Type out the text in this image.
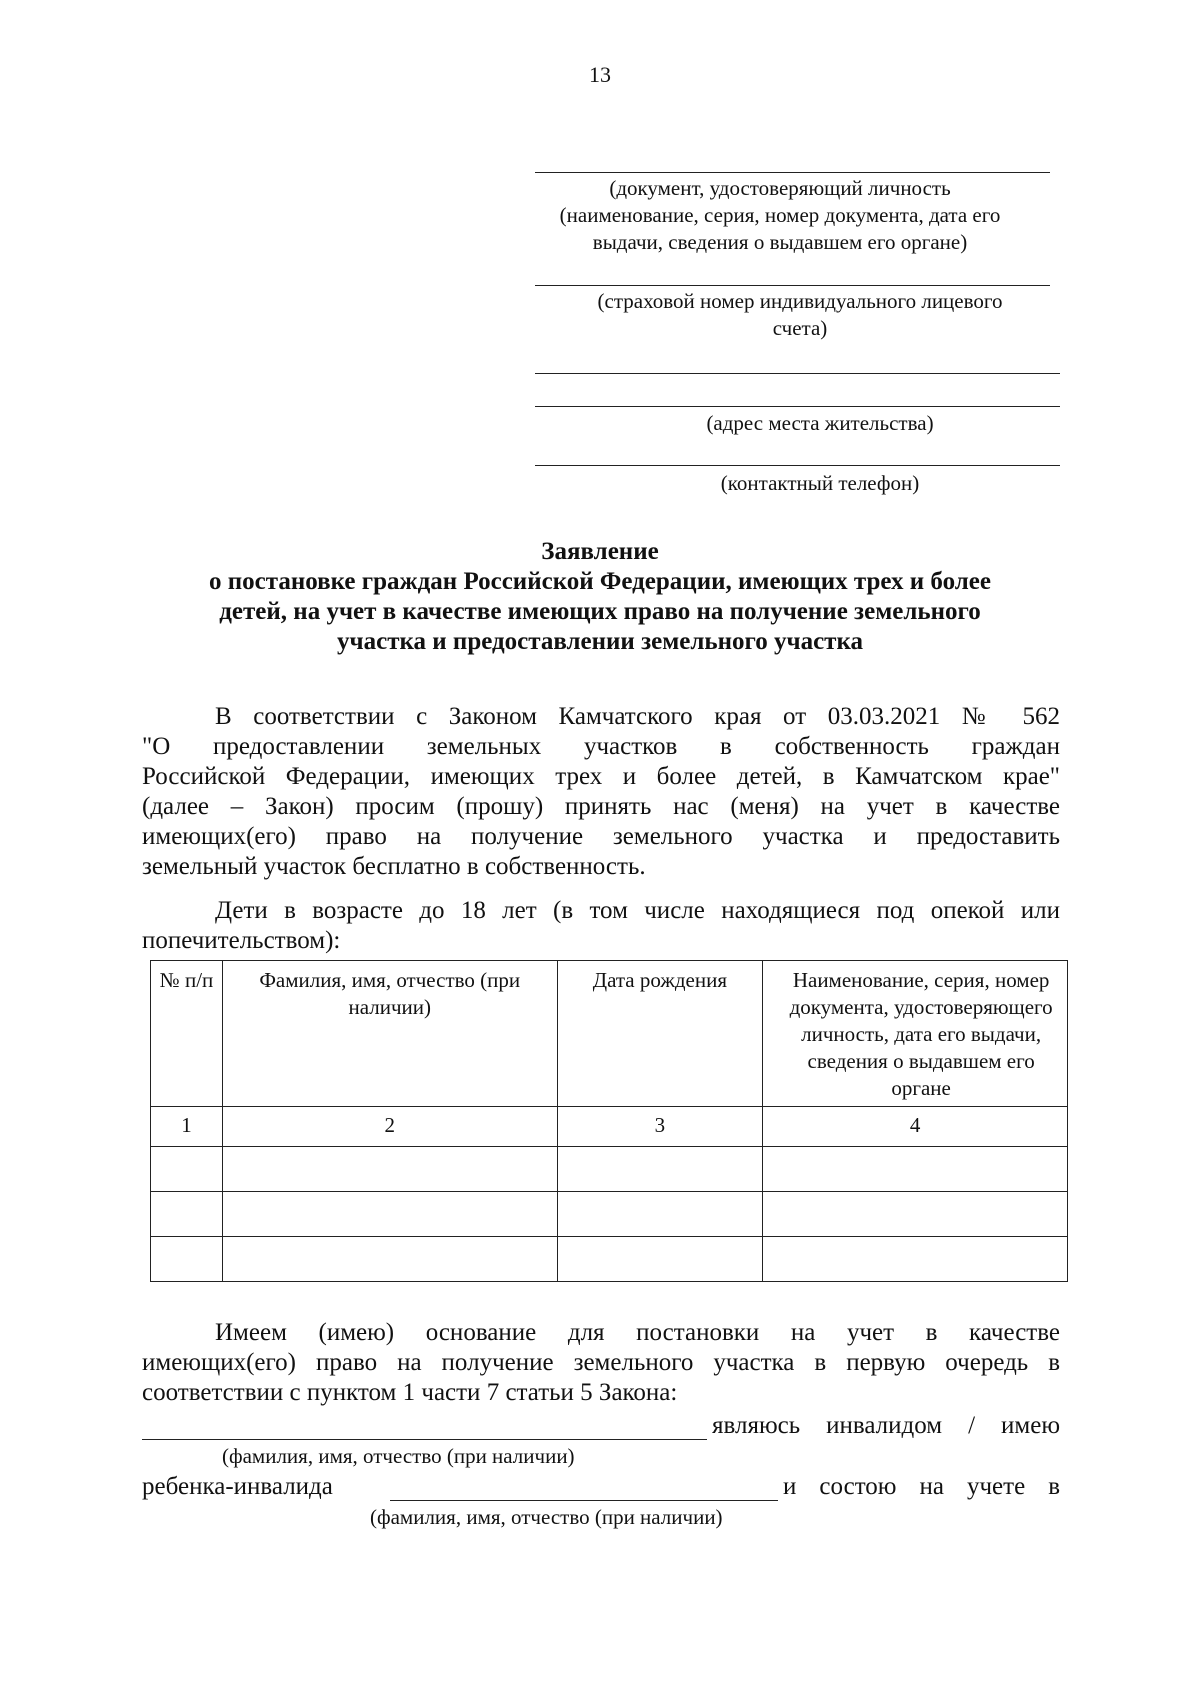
13
(документ, удостоверяющий личность
(наименование, серия, номер документа, дата его
выдачи, сведения о выдавшем его органе)
(страховой номер индивидуального лицевого
счета)
(адрес места жительства)
(контактный телефон)
Заявление
о постановке граждан Российской Федерации, имеющих трех и более
детей, на учет в качестве имеющих право на получение земельного
участка и предоставлении земельного участка
В соответствии с Законом Камчатского края от 03.03.2021 № 562
"О предоставлении земельных участков в собственность граждан
Российской Федерации, имеющих трех и более детей, в Камчатском крае"
(далее – Закон) просим (прошу) принять нас (меня) на учет в качестве
имеющих(его) право на получение земельного участка и предоставить
земельный участок бесплатно в собственность.
Дети в возрасте до 18 лет (в том числе находящиеся под опекой или
попечительством):
№ п/п	Фамилия, имя, отчество (при наличии)	Дата рождения	Наименование, серия, номер документа, удостоверяющего личность, дата его выдачи, сведения о выдавшем его органе
1	2	3	4

Имеем (имею) основание для постановки на учет в качестве
имеющих(его) право на получение земельного участка в первую очередь в
соответствии с пунктом 1 части 7 статьи 5 Закона:
являюсь инвалидом / имею
(фамилия, имя, отчество (при наличии)
ребенка-инвалида	и состою на учете в
(фамилия, имя, отчество (при наличии)
